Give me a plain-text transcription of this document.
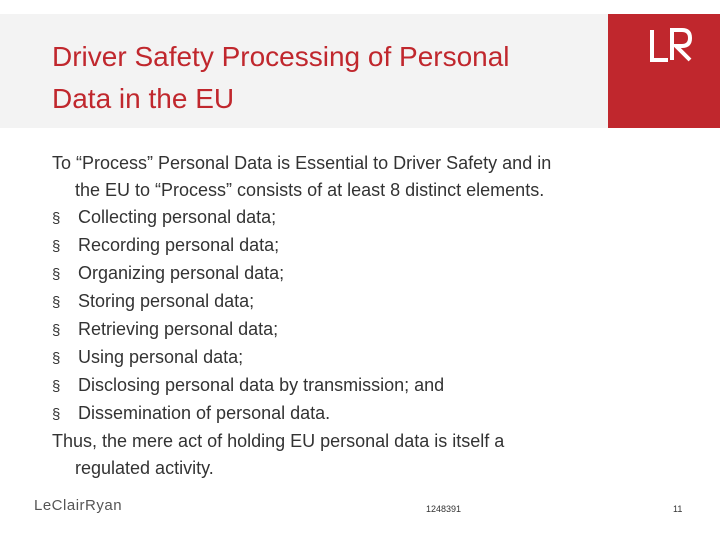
Driver Safety Processing of Personal
Data in the EU
To “Process” Personal Data is Essential to Driver Safety and in
the EU to “Process” consists of at least 8 distinct elements.
§ Collecting personal data;
§ Recording personal data;
§ Organizing personal data;
§ Storing personal data;
§ Retrieving personal data;
§ Using personal data;
§ Disclosing personal data by transmission; and
§ Dissemination of personal data.
Thus, the mere act of holding EU personal data is itself a
regulated activity.
LeClairRyan	1248391	11
